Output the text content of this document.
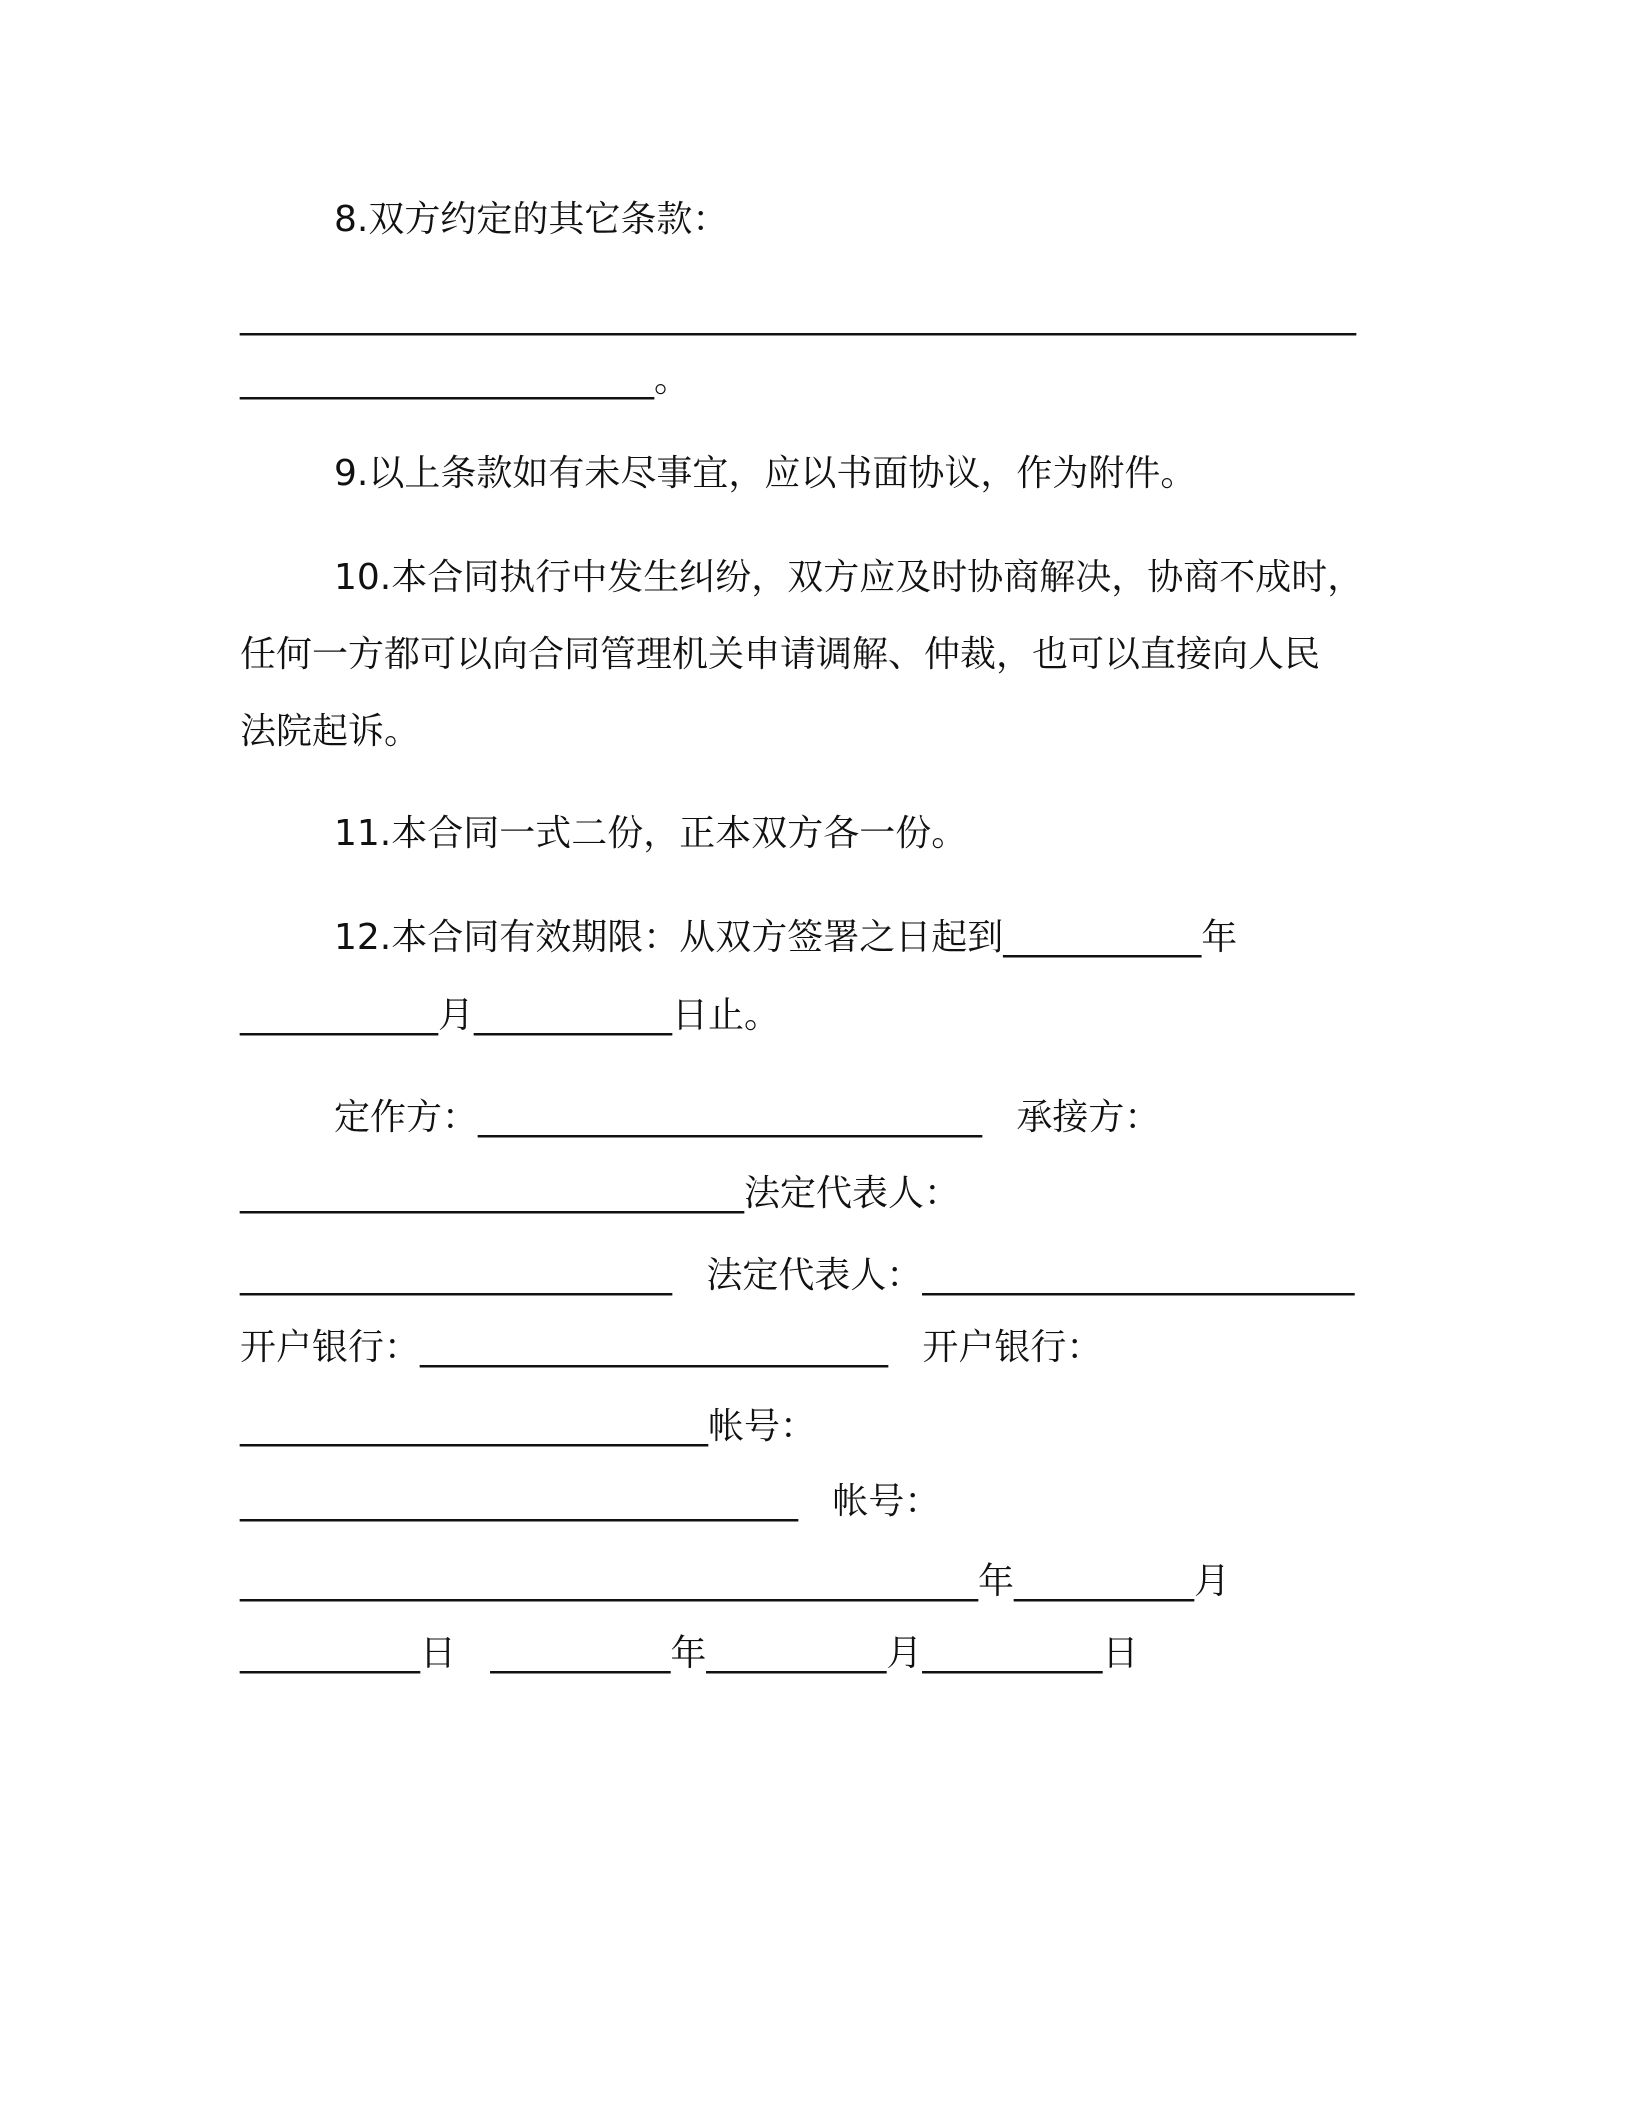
8.双方约定的其它条款：
______________________________________________________________
_______________________。
9.以上条款如有未尽事宜，应以书面协议，作为附件。
10.本合同执行中发生纠纷，双方应及时协商解决，协商不成时，
任何一方都可以向合同管理机关申请调解、仲裁，也可以直接向人民
法院起诉。
11.本合同一式二份，正本双方各一份。
12.本合同有效期限：从双方签署之日起到___________年
___________月___________日止。
定作方：____________________________   承接方：
____________________________法定代表人：
________________________   法定代表人：________________________
开户银行：__________________________   开户银行：
__________________________帐号：
_______________________________   帐号：
_________________________________________年__________月
__________日   __________年__________月__________日
